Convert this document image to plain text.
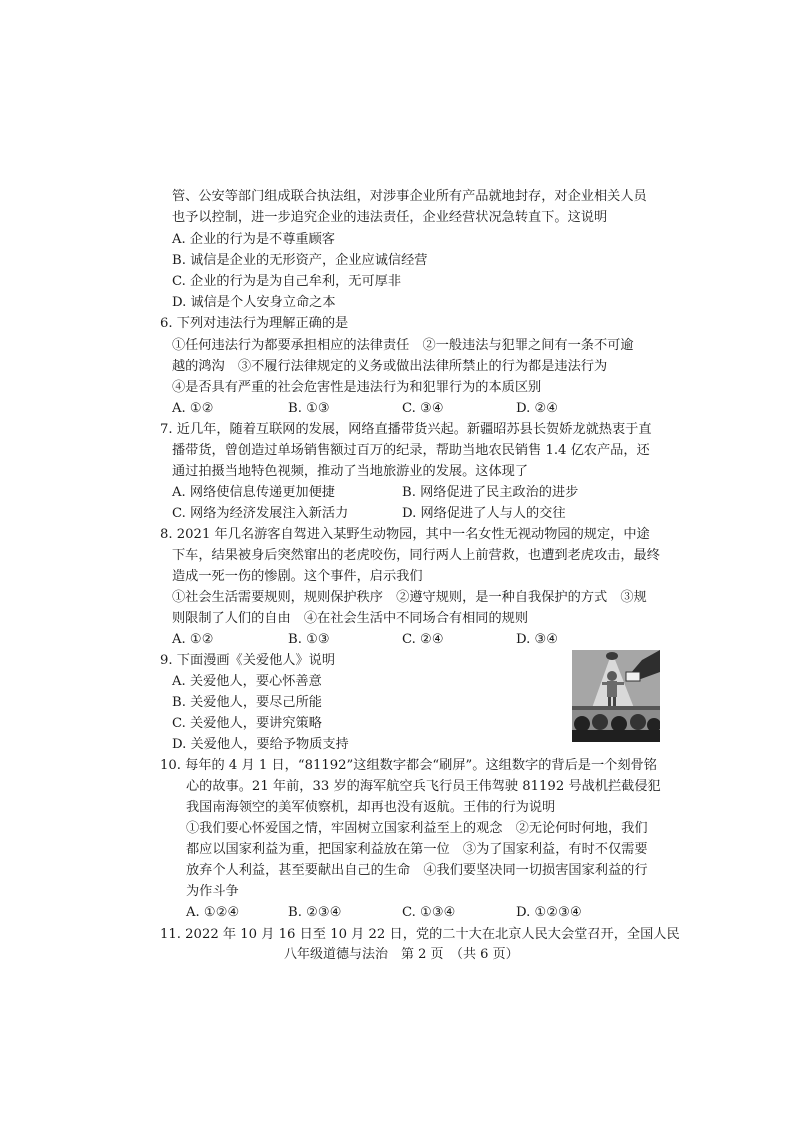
管、公安等部门组成联合执法组，对涉事企业所有产品就地封存，对企业相关人员
也予以控制，进一步追究企业的违法责任，企业经营状况急转直下。这说明
A. 企业的行为是不尊重顾客
B. 诚信是企业的无形资产，企业应诚信经营
C. 企业的行为是为自己牟利，无可厚非
D. 诚信是个人安身立命之本
6. 下列对违法行为理解正确的是
①任何违法行为都要承担相应的法律责任　②一般违法与犯罪之间有一条不可逾
越的鸿沟　③不履行法律规定的义务或做出法律所禁止的行为都是违法行为
④是否具有严重的社会危害性是违法行为和犯罪行为的本质区别
A. ①②	B. ①③	C. ③④	D. ②④
7. 近几年，随着互联网的发展，网络直播带货兴起。新疆昭苏县长贺娇龙就热衷于直
播带货，曾创造过单场销售额过百万的纪录，帮助当地农民销售 1.4 亿农产品，还
通过拍摄当地特色视频，推动了当地旅游业的发展。这体现了
A. 网络使信息传递更加便捷	B. 网络促进了民主政治的进步
C. 网络为经济发展注入新活力	D. 网络促进了人与人的交往
8. 2021 年几名游客自驾进入某野生动物园，其中一名女性无视动物园的规定，中途
下车，结果被身后突然窜出的老虎咬伤，同行两人上前营救，也遭到老虎攻击，最终
造成一死一伤的惨剧。这个事件，启示我们
①社会生活需要规则，规则保护秩序　②遵守规则，是一种自我保护的方式　③规
则限制了人们的自由　④在社会生活中不同场合有相同的规则
A. ①②	B. ①③	C. ②④	D. ③④
9. 下面漫画《关爱他人》说明
A. 关爱他人，要心怀善意
B. 关爱他人，要尽己所能
C. 关爱他人，要讲究策略
D. 关爱他人，要给予物质支持
10. 每年的 4 月 1 日，“81192”这组数字都会“刷屏”。这组数字的背后是一个刻骨铭
心的故事。21 年前，33 岁的海军航空兵飞行员王伟驾驶 81192 号战机拦截侵犯
我国南海领空的美军侦察机，却再也没有返航。王伟的行为说明
①我们要心怀爱国之情，牢固树立国家利益至上的观念　②无论何时何地，我们
都应以国家利益为重，把国家利益放在第一位　③为了国家利益，有时不仅需要
放弃个人利益，甚至要献出自己的生命　④我们要坚决同一切损害国家利益的行
为作斗争
A. ①②④	B. ②③④	C. ①③④	D. ①②③④
11. 2022 年 10 月 16 日至 10 月 22 日，党的二十大在北京人民大会堂召开，全国人民
八年级道德与法治　第 2 页　（共 6 页）
